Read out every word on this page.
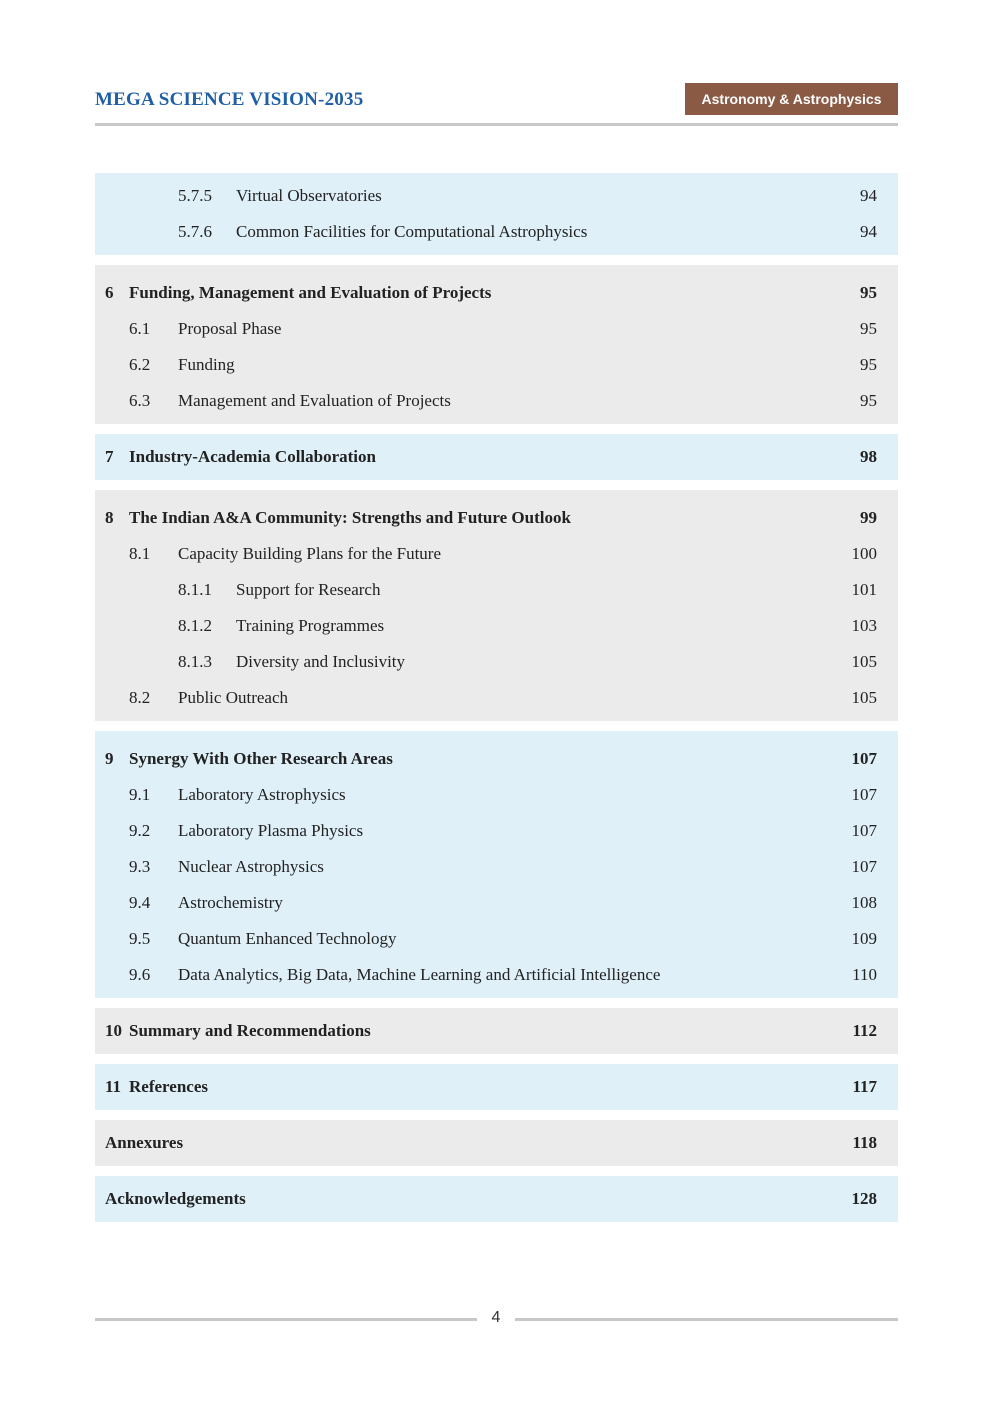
MEGA SCIENCE VISION-2035	Astronomy & Astrophysics
5.7.5 Virtual Observatories	94
5.7.6 Common Facilities for Computational Astrophysics	94
6 Funding, Management and Evaluation of Projects	95
6.1 Proposal Phase	95
6.2 Funding	95
6.3 Management and Evaluation of Projects	95
7 Industry-Academia Collaboration	98
8 The Indian A&A Community: Strengths and Future Outlook	99
8.1 Capacity Building Plans for the Future	100
8.1.1 Support for Research	101
8.1.2 Training Programmes	103
8.1.3 Diversity and Inclusivity	105
8.2 Public Outreach	105
9 Synergy With Other Research Areas	107
9.1 Laboratory Astrophysics	107
9.2 Laboratory Plasma Physics	107
9.3 Nuclear Astrophysics	107
9.4 Astrochemistry	108
9.5 Quantum Enhanced Technology	109
9.6 Data Analytics, Big Data, Machine Learning and Artificial Intelligence	110
10 Summary and Recommendations	112
11 References	117
Annexures	118
Acknowledgements	128
4
